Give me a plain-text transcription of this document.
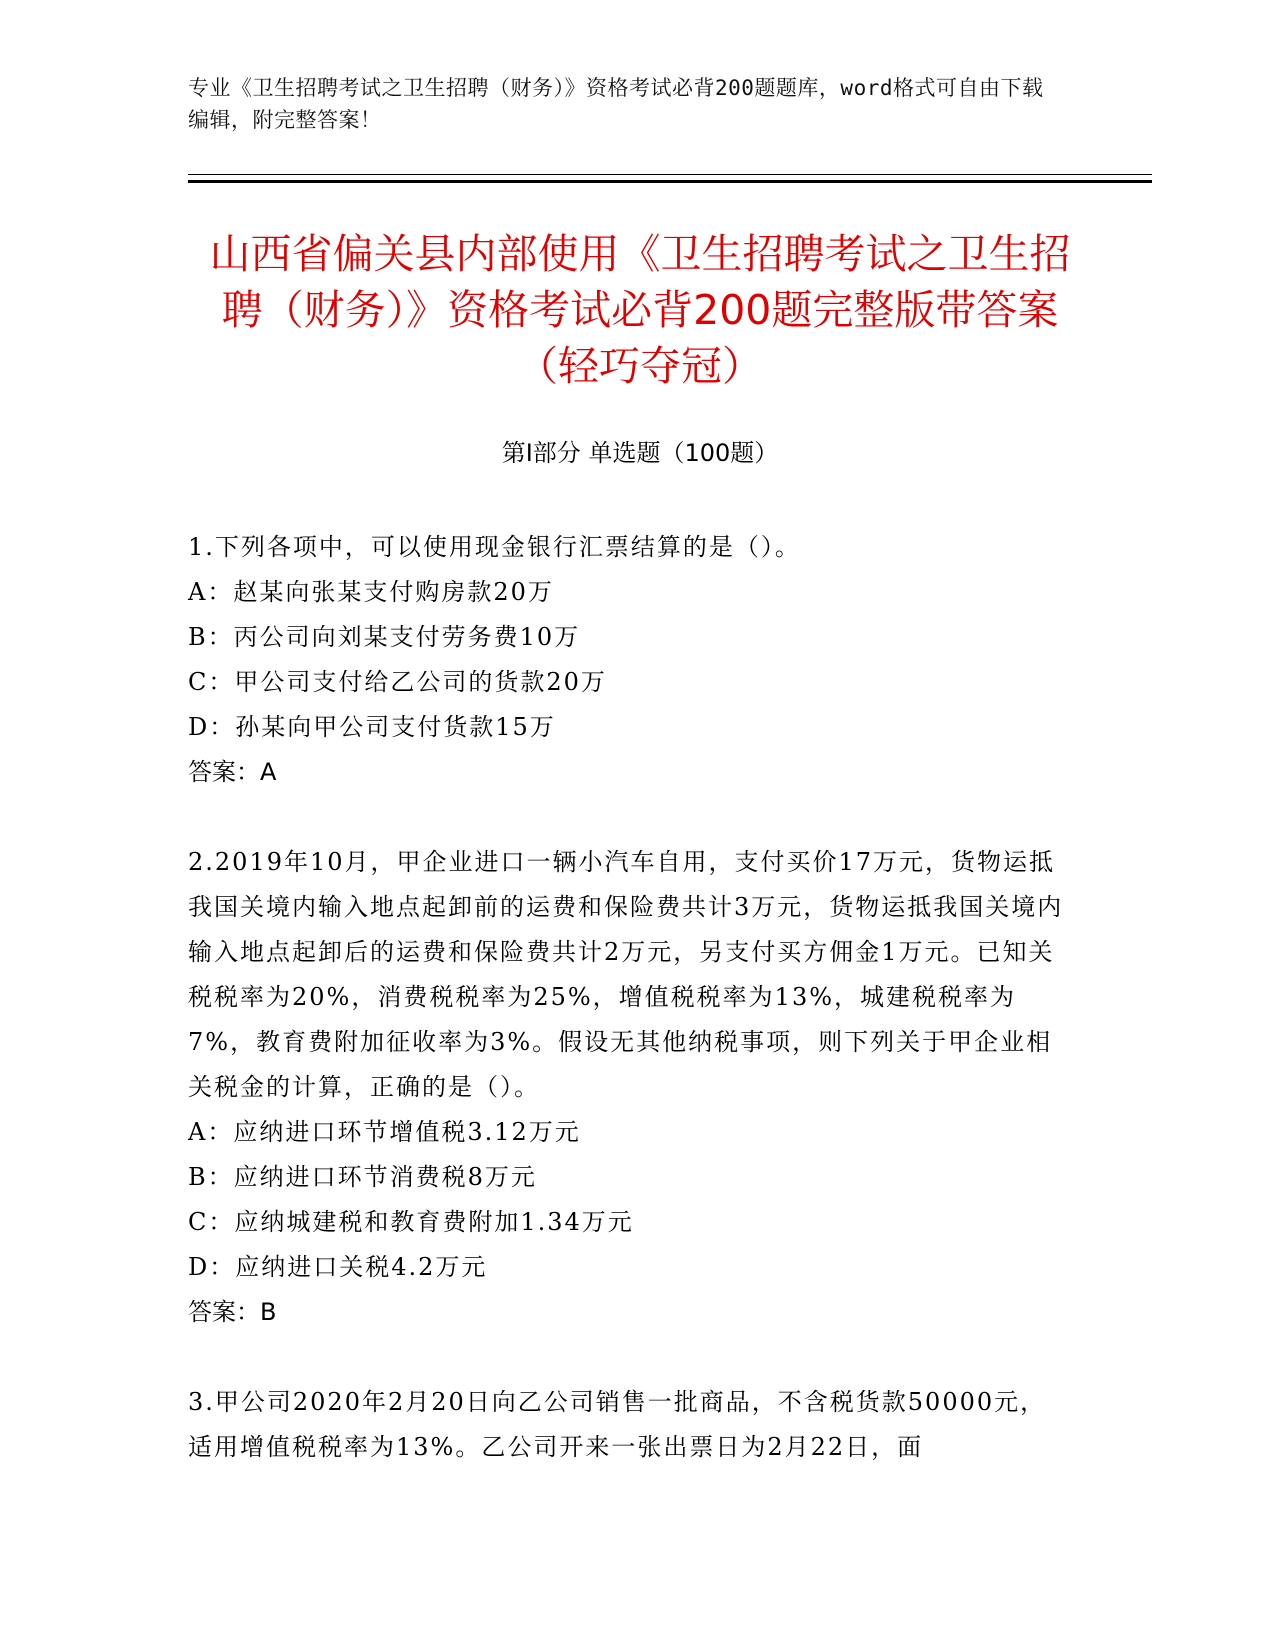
专业《卫生招聘考试之卫生招聘（财务）》资格考试必背200题题库，word格式可自由下载编辑，附完整答案！
山西省偏关县内部使用《卫生招聘考试之卫生招聘（财务）》资格考试必背200题完整版带答案（轻巧夺冠）
第Ⅰ部分 单选题（100题）

1.下列各项中，可以使用现金银行汇票结算的是（）。

A：赵某向张某支付购房款20万

B：丙公司向刘某支付劳务费10万

C：甲公司支付给乙公司的货款20万

D：孙某向甲公司支付货款15万

答案：A

2.2019年10月，甲企业进口一辆小汽车自用，支付买价17万元，货物运抵我国关境内输入地点起卸前的运费和保险费共计3万元，货物运抵我国关境内输入地点起卸后的运费和保险费共计2万元，另支付买方佣金1万元。已知关税税率为20%，消费税税率为25%，增值税税率为13%，城建税税率为7%，教育费附加征收率为3%。假设无其他纳税事项，则下列关于甲企业相关税金的计算，正确的是（）。

A：应纳进口环节增值税3.12万元

B：应纳进口环节消费税8万元

C：应纳城建税和教育费附加1.34万元

D：应纳进口关税4.2万元

答案：B

3.甲公司2020年2月20日向乙公司销售一批商品，不含税货款50000元，适用增值税税率为13%。乙公司开来一张出票日为2月22日，面
